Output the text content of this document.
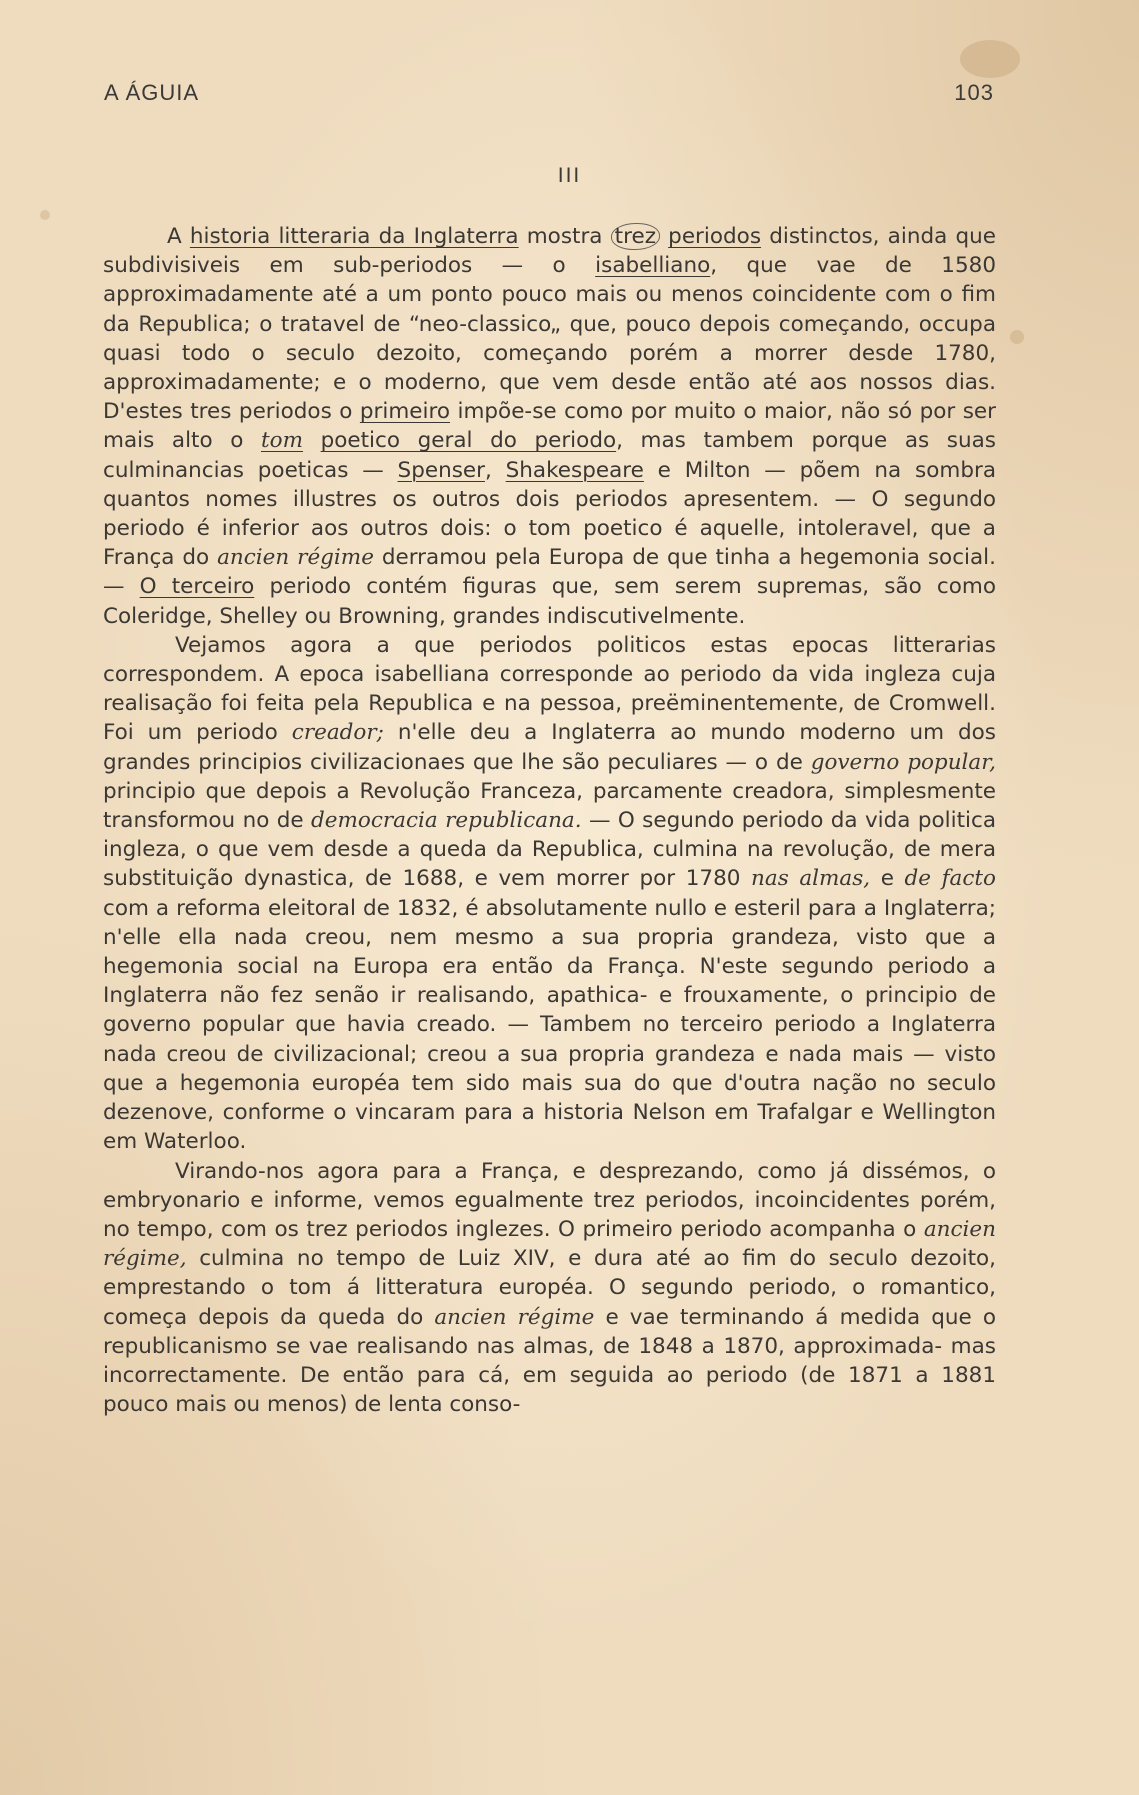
A ÁGUIA	103
III

A historia litteraria da Inglaterra mostra trez periodos distinctos, ainda que subdivisiveis em sub-periodos — o isabelliano, que vae de 1580 approximadamente até a um ponto pouco mais ou menos coincidente com o fim da Republica; o tratavel de “neo-classico„ que, pouco depois começando, occupa quasi todo o seculo dezoito, começando porém a morrer desde 1780, approximadamente; e o moderno, que vem desde então até aos nossos dias. D'estes tres periodos o primeiro impõe-se como por muito o maior, não só por ser mais alto o tom poetico geral do periodo, mas tambem porque as suas culminancias poeticas — Spenser, Shakespeare e Milton — põem na sombra quantos nomes illustres os outros dois periodos apresentem. — O segundo periodo é inferior aos outros dois: o tom poetico é aquelle, intoleravel, que a França do ancien régime derramou pela Europa de que tinha a hegemonia social. — O terceiro periodo contém figuras que, sem serem supremas, são como Coleridge, Shelley ou Browning, grandes indiscutivelmente.

Vejamos agora a que periodos politicos estas epocas litterarias correspondem. A epoca isabelliana corresponde ao periodo da vida ingleza cuja realisação foi feita pela Republica e na pessoa, preëminentemente, de Cromwell. Foi um periodo creador; n'elle deu a Inglaterra ao mundo moderno um dos grandes principios civilizacionaes que lhe são peculiares — o de governo popular, principio que depois a Revolução Franceza, parcamente creadora, simplesmente transformou no de democracia republicana. — O segundo periodo da vida politica ingleza, o que vem desde a queda da Republica, culmina na revolução, de mera substituição dynastica, de 1688, e vem morrer por 1780 nas almas, e de facto com a reforma eleitoral de 1832, é absolutamente nullo e esteril para a Inglaterra; n'elle ella nada creou, nem mesmo a sua propria grandeza, visto que a hegemonia social na Europa era então da França. N'este segundo periodo a Inglaterra não fez senão ir realisando, apathica- e frouxamente, o principio de governo popular que havia creado. — Tambem no terceiro periodo a Inglaterra nada creou de civilizacional; creou a sua propria grandeza e nada mais — visto que a hegemonia européa tem sido mais sua do que d'outra nação no seculo dezenove, conforme o vincaram para a historia Nelson em Trafalgar e Wellington em Waterloo.

Virando-nos agora para a França, e desprezando, como já dissémos, o embryonario e informe, vemos egualmente trez periodos, incoincidentes porém, no tempo, com os trez periodos inglezes. O primeiro periodo acompanha o ancien régime, culmina no tempo de Luiz XIV, e dura até ao fim do seculo dezoito, emprestando o tom á litteratura européa. O segundo periodo, o romantico, começa depois da queda do ancien régime e vae terminando á medida que o republicanismo se vae realisando nas almas, de 1848 a 1870, approximada- mas incorrectamente. De então para cá, em seguida ao periodo (de 1871 a 1881 pouco mais ou menos) de lenta conso-
